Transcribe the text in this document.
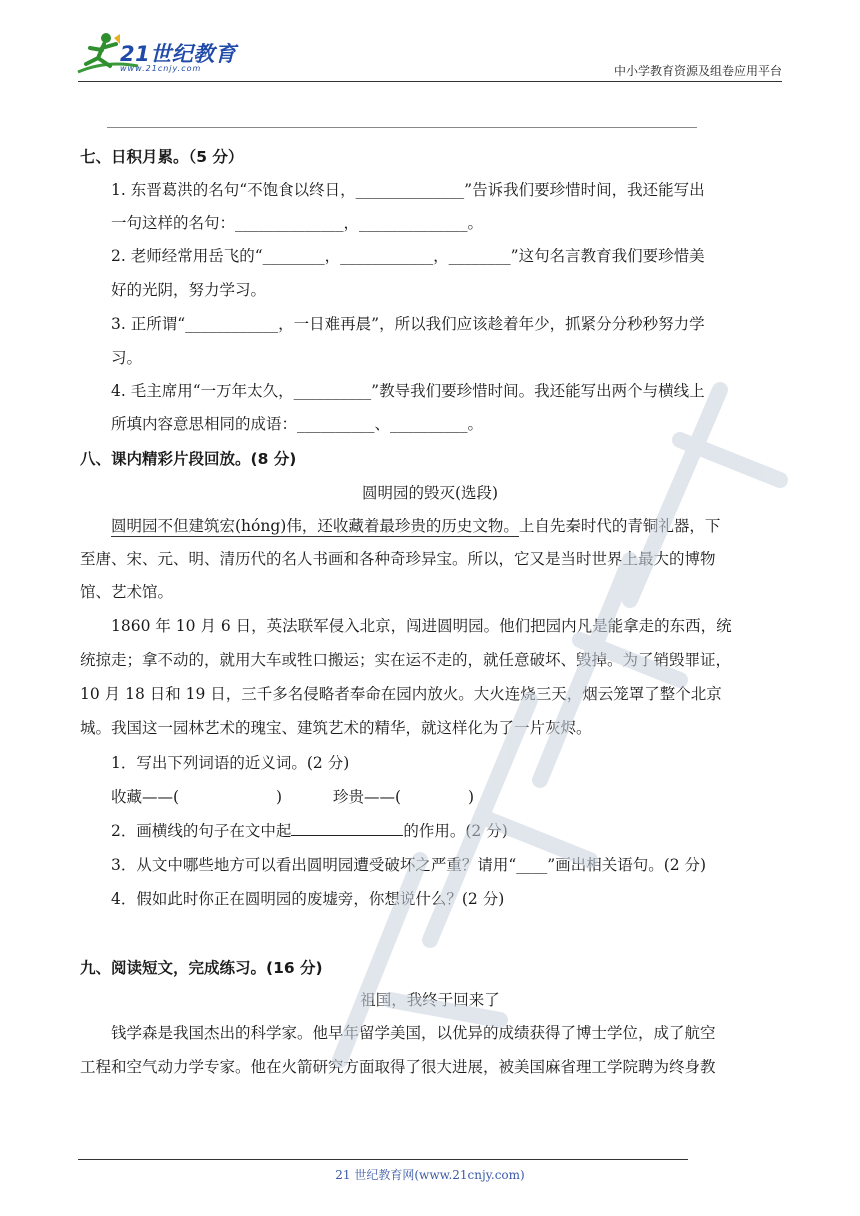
21世纪教育
www.21cnjy.com	中小学教育资源及组卷应用平台
七、日积月累。（5 分）
1. 东晋葛洪的名句“不饱食以终日，______________”告诉我们要珍惜时间，我还能写出
一句这样的名句：______________，______________。
2. 老师经常用岳飞的“________，____________，________”这句名言教育我们要珍惜美
好的光阴，努力学习。
3. 正所谓“____________，一日难再晨”，所以我们应该趁着年少，抓紧分分秒秒努力学
习。
4. 毛主席用“一万年太久，__________”教导我们要珍惜时间。我还能写出两个与横线上
所填内容意思相同的成语：__________、__________。
八、课内精彩片段回放。(8 分)
圆明园的毁灭(选段)
圆明园不但建筑宏(hóng)伟，还收藏着最珍贵的历史文物。上自先秦时代的青铜礼器，下
至唐、宋、元、明、清历代的名人书画和各种奇珍异宝。所以，它又是当时世界上最大的博物
馆、艺术馆。
1860 年 10 月 6 日，英法联军侵入北京，闯进圆明园。他们把园内凡是能拿走的东西，统
统掠走；拿不动的，就用大车或牲口搬运；实在运不走的，就任意破坏、毁掉。为了销毁罪证，
10 月 18 日和 19 日，三千多名侵略者奉命在园内放火。大火连烧三天，烟云笼罩了整个北京
城。我国这一园林艺术的瑰宝、建筑艺术的精华，就这样化为了一片灰烬。
1．写出下列词语的近义词。(2 分)
收藏——(	)	珍贵——(	)
2．画横线的句子在文中起	的作用。(2 分)
3．从文中哪些地方可以看出圆明园遭受破坏之严重？请用“____”画出相关语句。(2 分)
4．假如此时你正在圆明园的废墟旁，你想说什么？(2 分)
九、阅读短文，完成练习。(16 分)
祖国，我终于回来了
钱学森是我国杰出的科学家。他早年留学美国，以优异的成绩获得了博士学位，成了航空
工程和空气动力学专家。他在火箭研究方面取得了很大进展，被美国麻省理工学院聘为终身教
21 世纪教育网(www.21cnjy.com)
